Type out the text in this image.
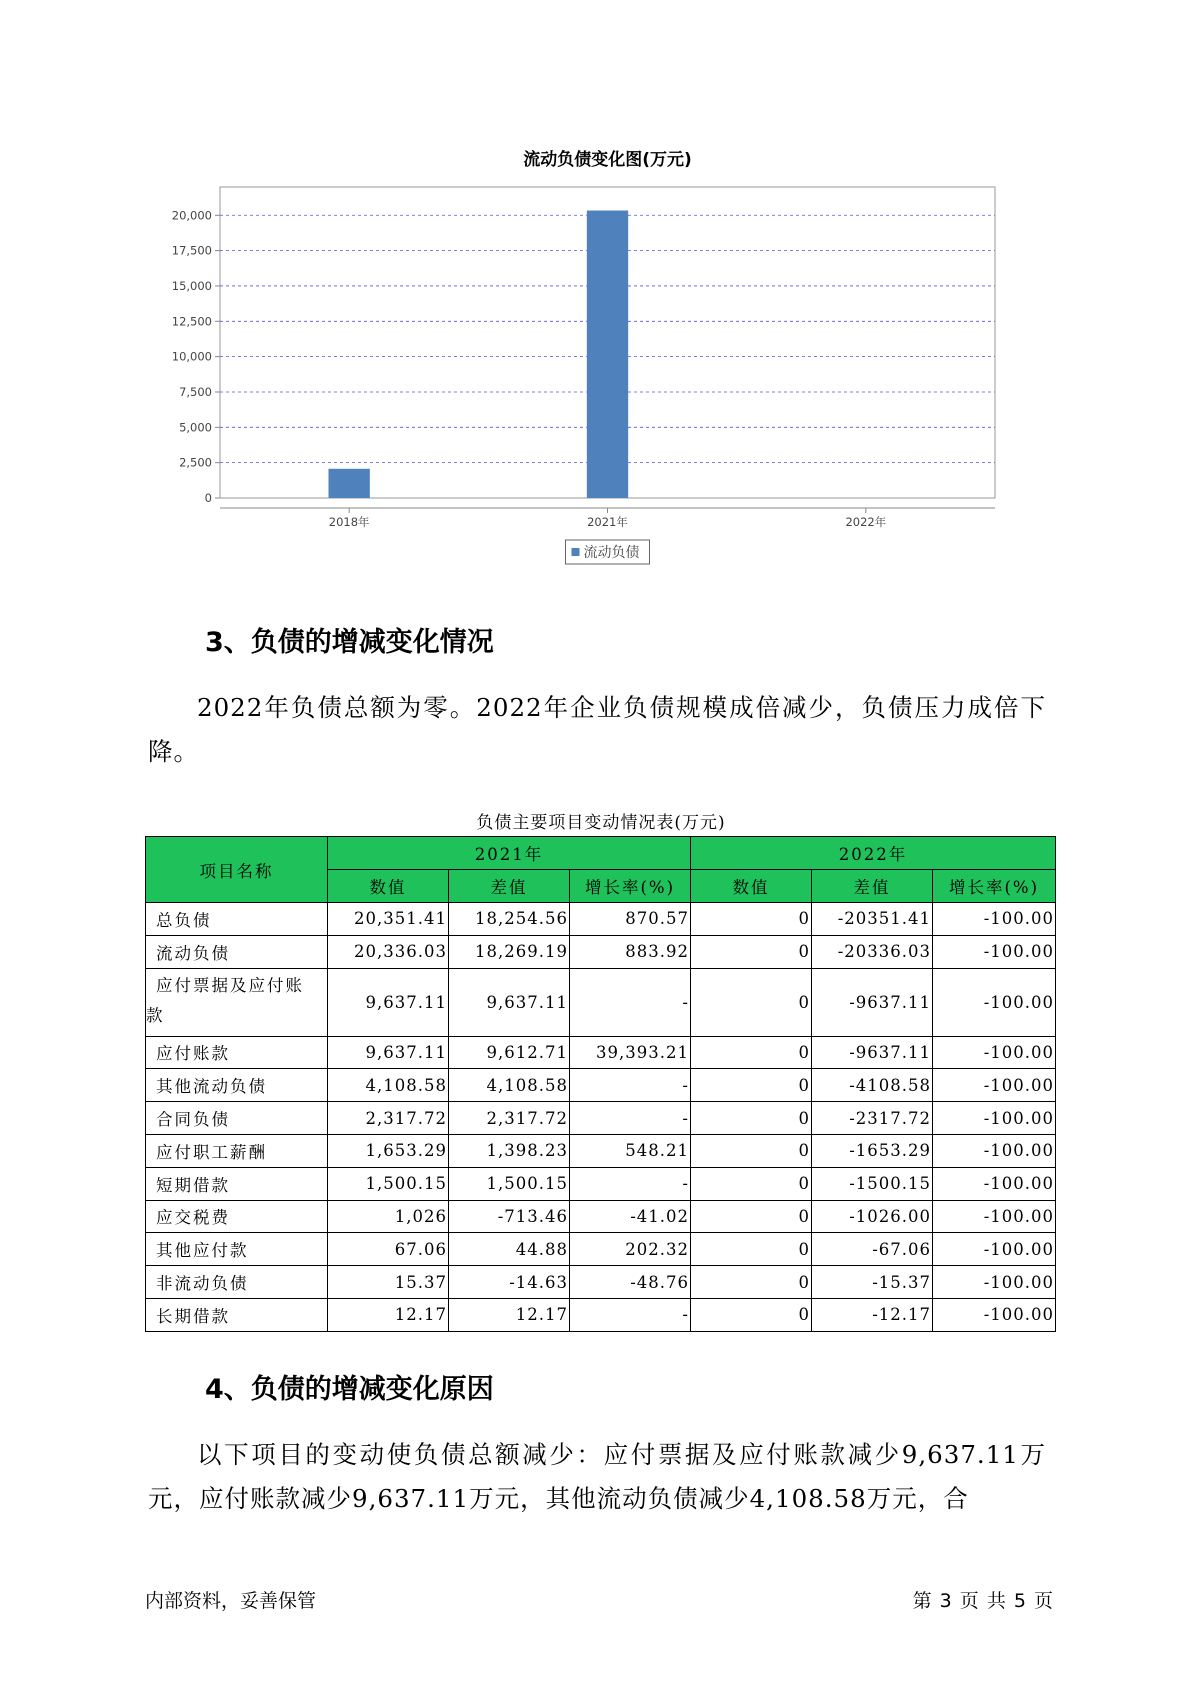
流动负债变化图(万元)
0
2,500
5,000
7,500
10,000
12,500
15,000
17,500
20,000
2018年	2021年	2022年
流动负债
3、负债的增减变化情况

2022年负债总额为零。2022年企业负债规模成倍减少，负债压力成倍下降。

负债主要项目变动情况表(万元)

项目名称	2021年			2022年		
	数值	差值	增长率(%)	数值	差值	增长率(%)
总负债	20,351.41	18,254.56	870.57	0	-20351.41	-100.00
流动负债	20,336.03	18,269.19	883.92	0	-20336.03	-100.00
应付票据及应付账
款	9,637.11	9,637.11	-	0	-9637.11	-100.00
应付账款	9,637.11	9,612.71	39,393.21	0	-9637.11	-100.00
其他流动负债	4,108.58	4,108.58	-	0	-4108.58	-100.00
合同负债	2,317.72	2,317.72	-	0	-2317.72	-100.00
应付职工薪酬	1,653.29	1,398.23	548.21	0	-1653.29	-100.00
短期借款	1,500.15	1,500.15	-	0	-1500.15	-100.00
应交税费	1,026	-713.46	-41.02	0	-1026.00	-100.00
其他应付款	67.06	44.88	202.32	0	-67.06	-100.00
非流动负债	15.37	-14.63	-48.76	0	-15.37	-100.00
长期借款	12.17	12.17	-	0	-12.17	-100.00
4、负债的增减变化原因

以下项目的变动使负债总额减少：应付票据及应付账款减少9,637.11万元，应付账款减少9,637.11万元，其他流动负债减少4,108.58万元，合

内部资料，妥善保管	第 3 页 共 5 页
